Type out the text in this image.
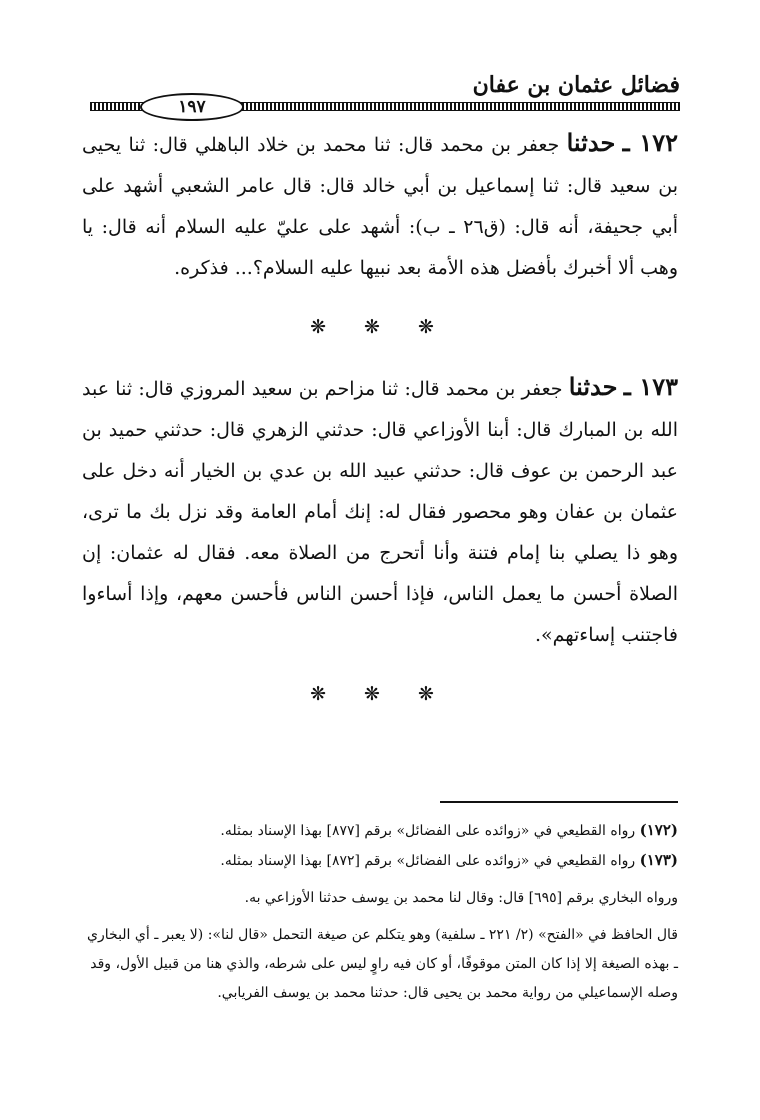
فضائل عثمان بن عفان
١٩٧

١٧٢ ـ حدثنا جعفر بن محمد قال: ثنا محمد بن خلاد الباهلي قال: ثنا يحيى بن سعيد قال: ثنا إسماعيل بن أبي خالد قال: قال عامر الشعبي أشهد على أبي جحيفة، أنه قال: (ق٢٦ ـ ب): أشهد على عليّ عليه السلام أنه قال: يا وهب ألا أخبرك بأفضل هذه الأمة بعد نبيها عليه السلام؟... فذكره.

❋ ❋ ❋

١٧٣ ـ حدثنا جعفر بن محمد قال: ثنا مزاحم بن سعيد المروزي قال: ثنا عبد الله بن المبارك قال: أبنا الأوزاعي قال: حدثني الزهري قال: حدثني حميد بن عبد الرحمن بن عوف قال: حدثني عبيد الله بن عدي بن الخيار أنه دخل على عثمان بن عفان وهو محصور فقال له: إنك أمام العامة وقد نزل بك ما ترى، وهو ذا يصلي بنا إمام فتنة وأنا أتحرج من الصلاة معه. فقال له عثمان: إن الصلاة أحسن ما يعمل الناس، فإذا أحسن الناس فأحسن معهم، وإذا أساءوا فاجتنب إساءتهم».

❋ ❋ ❋

(١٧٢) رواه القطيعي في «زوائده على الفضائل» برقم [٨٧٧] بهذا الإسناد بمثله.

(١٧٣) رواه القطيعي في «زوائده على الفضائل» برقم [٨٧٢] بهذا الإسناد بمثله.

ورواه البخاري برقم [٦٩٥] قال: وقال لنا محمد بن يوسف حدثنا الأوزاعي به.

قال الحافظ في «الفتح» (٢/ ٢٢١ ـ سلفية) وهو يتكلم عن صيغة التحمل «قال لنا»: (لا يعبر ـ أي البخاري ـ بهذه الصيغة إلا إذا كان المتن موقوفًا، أو كان فيه راوٍ ليس على شرطه، والذي هنا من قبيل الأول، وقد وصله الإسماعيلي من رواية محمد بن يحيى قال: حدثنا محمد بن يوسف الفريابي.
